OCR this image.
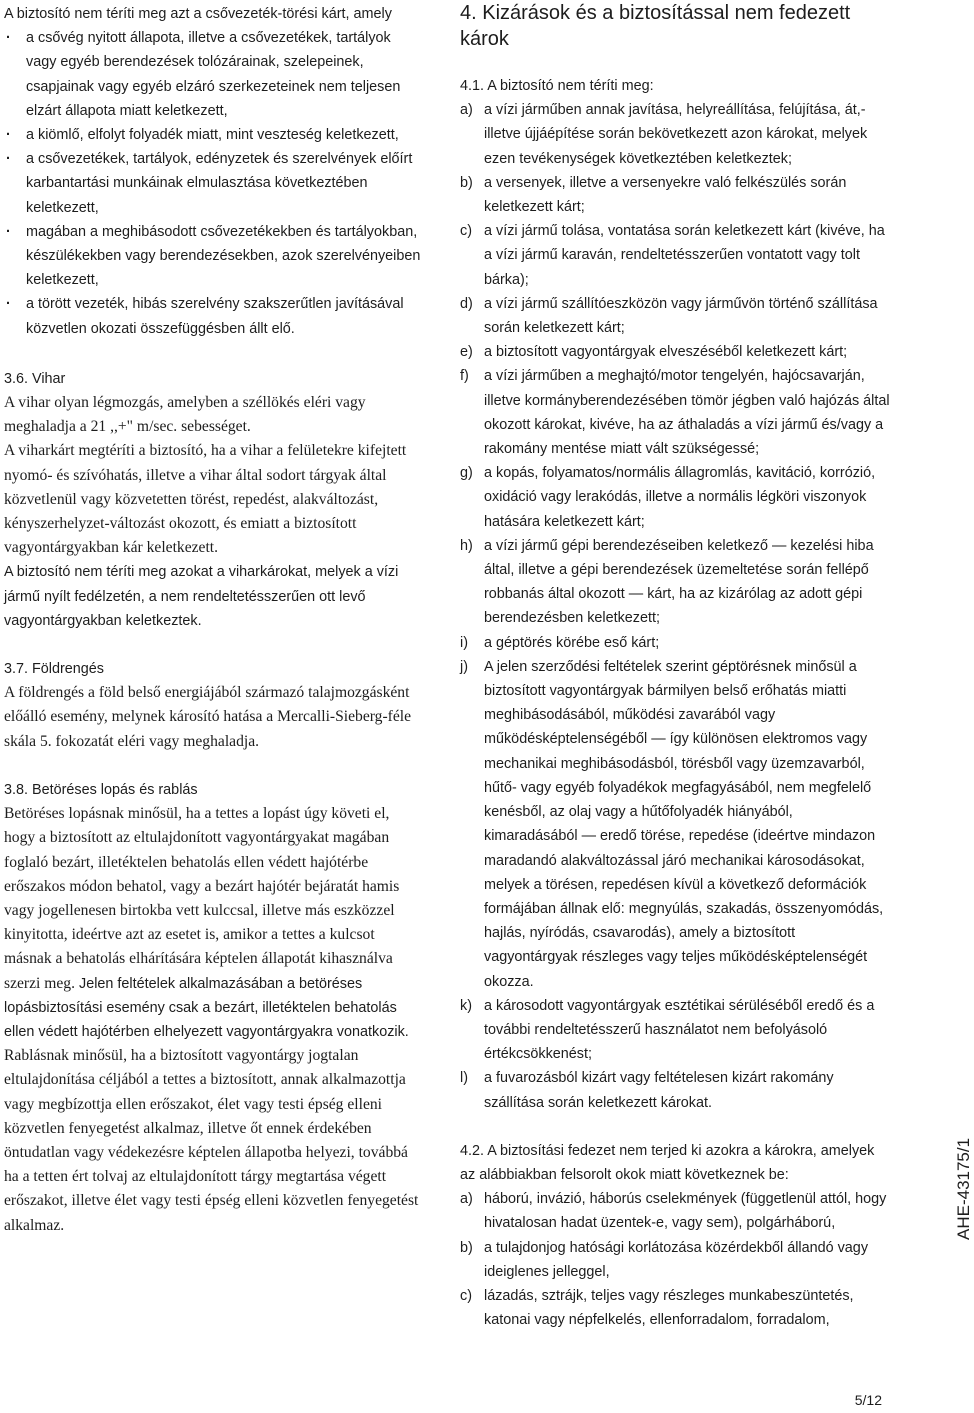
A biztosító nem téríti meg azt a csővezeték-törési kárt, amely

· a csővég nyitott állapota, illetve a csővezetékek, tartályok vagy egyéb berendezések tolózárainak, szelepeinek, csapjainak vagy egyéb elzáró szerkezeteinek nem teljesen elzárt állapota miatt keletkezett,
· a kiömlő, elfolyt folyadék miatt, mint veszteség keletkezett,
· a csővezetékek, tartályok, edényzetek és szerelvények előírt karbantartási munkáinak elmulasztása következtében keletkezett,
· magában a meghibásodott csővezetékekben és tartályokban, készülékekben vagy berendezésekben, azok szerelvényeiben keletkezett,
· a törött vezeték, hibás szerelvény szakszerűtlen javításával közvetlen okozati összefüggésben állt elő.

3.6. Vihar

A vihar olyan légmozgás, amelyben a széllökés eléri vagy meghaladja a 21 ,,+" m/sec. sebességet.

A viharkárt megtéríti a biztosító, ha a vihar a felületekre kifejtett nyomó- és szívóhatás, illetve a vihar által sodort tárgyak által közvetlenül vagy közvetetten törést, repedést, alakváltozást, kényszerhelyzet-változást okozott, és emiatt a biztosított vagyontárgyakban kár keletkezett.

A biztosító nem téríti meg azokat a viharkárokat, melyek a vízi jármű nyílt fedélzetén, a nem rendeltetésszerűen ott levő vagyontárgyakban keletkeztek.

3.7. Földrengés

A földrengés a föld belső energiájából származó talajmozgásként előálló esemény, melynek károsító hatása a Mercalli-Sieberg-féle skála 5. fokozatát eléri vagy meghaladja.

3.8. Betöréses lopás és rablás

Betöréses lopásnak minősül, ha a tettes a lopást úgy követi el, hogy a biztosított az eltulajdonított vagyontárgyakat magában foglaló bezárt, illetéktelen behatolás ellen védett hajótérbe erőszakos módon behatol, vagy a bezárt hajótér bejáratát hamis vagy jogellenesen birtokba vett kulccsal, illetve más eszközzel kinyitotta, ideértve azt az esetet is, amikor a tettes a kulcsot másnak a behatolás elhárítására képtelen állapotát kihasználva szerzi meg. Jelen feltételek alkalmazásában a betöréses lopásbiztosítási esemény csak a bezárt, illetéktelen behatolás ellen védett hajótérben elhelyezett vagyontárgyakra vonatkozik.

Rablásnak minősül, ha a biztosított vagyontárgy jogtalan eltulajdonítása céljából a tettes a biztosított, annak alkalmazottja vagy megbízottja ellen erőszakot, élet vagy testi épség elleni közvetlen fenyegetést alkalmaz, illetve őt ennek érdekében öntudatlan vagy védekezésre képtelen állapotba helyezi, továbbá ha a tetten ért tolvaj az eltulajdonított tárgy megtartása végett erőszakot, illetve élet vagy testi épség elleni közvetlen fenyegetést alkalmaz.

4. Kizárások és a biztosítással nem fedezett károk

4.1. A biztosító nem téríti meg:

a) a vízi járműben annak javítása, helyreállítása, felújítása, át,- illetve újjáépítése során bekövetkezett azon károkat, melyek ezen tevékenységek következtében keletkeztek;
b) a versenyek, illetve a versenyekre való felkészülés során keletkezett kárt;
c) a vízi jármű tolása, vontatása során keletkezett kárt (kivéve, ha a vízi jármű karaván, rendeltetésszerűen vontatott vagy tolt bárka);
d) a vízi jármű szállítóeszközön vagy járművön történő szállítása során keletkezett kárt;
e) a biztosított vagyontárgyak elveszéséből keletkezett kárt;
f) a vízi járműben a meghajtó/motor tengelyén, hajócsavarján, illetve kormányberendezésében tömör jégben való hajózás által okozott károkat, kivéve, ha az áthaladás a vízi jármű és/vagy a rakomány mentése miatt vált szükségessé;
g) a kopás, folyamatos/normális állagromlás, kavitáció, korrózió, oxidáció vagy lerakódás, illetve a normális légköri viszonyok hatására keletkezett kárt;
h) a vízi jármű gépi berendezéseiben keletkező — kezelési hiba által, illetve a gépi berendezések üzemeltetése során fellépő robbanás által okozott — kárt, ha az kizárólag az adott gépi berendezésben keletkezett;
i) a géptörés körébe eső kárt;
j) A jelen szerződési feltételek szerint géptörésnek minősül a biztosított vagyontárgyak bármilyen belső erőhatás miatti meghibásodásából, működési zavarából vagy működésképtelenségéből — így különösen elektromos vagy mechanikai meghibásodásból, törésből vagy üzemzavarból, hűtő- vagy egyéb folyadékok megfagyásából, nem megfelelő kenésből, az olaj vagy a hűtőfolyadék hiányából, kimaradásából — eredő törése, repedése (ideértve mindazon maradandó alakváltozással járó mechanikai károsodásokat, melyek a törésen, repedésen kívül a következő deformációk formájában állnak elő: megnyúlás, szakadás, összenyomódás, hajlás, nyíródás, csavarodás), amely a biztosított vagyontárgyak részleges vagy teljes működésképtelenségét okozza.
k) a károsodott vagyontárgyak esztétikai sérüléséből eredő és a további rendeltetésszerű használatot nem befolyásoló értékcsökkenést;
l) a fuvarozásból kizárt vagy feltételesen kizárt rakomány szállítása során keletkezett károkat.

4.2. A biztosítási fedezet nem terjed ki azokra a károkra, amelyek az alábbiakban felsorolt okok miatt következnek be:

a) háború, invázió, háborús cselekmények (függetlenül attól, hogy hivatalosan hadat üzentek-e, vagy sem), polgárháború,
b) a tulajdonjog hatósági korlátozása közérdekből állandó vagy ideiglenes jelleggel,
c) lázadás, sztrájk, teljes vagy részleges munkabeszüntetés, katonai vagy népfelkelés, ellenforradalom, forradalom,
AHE-43175/1
5/12
